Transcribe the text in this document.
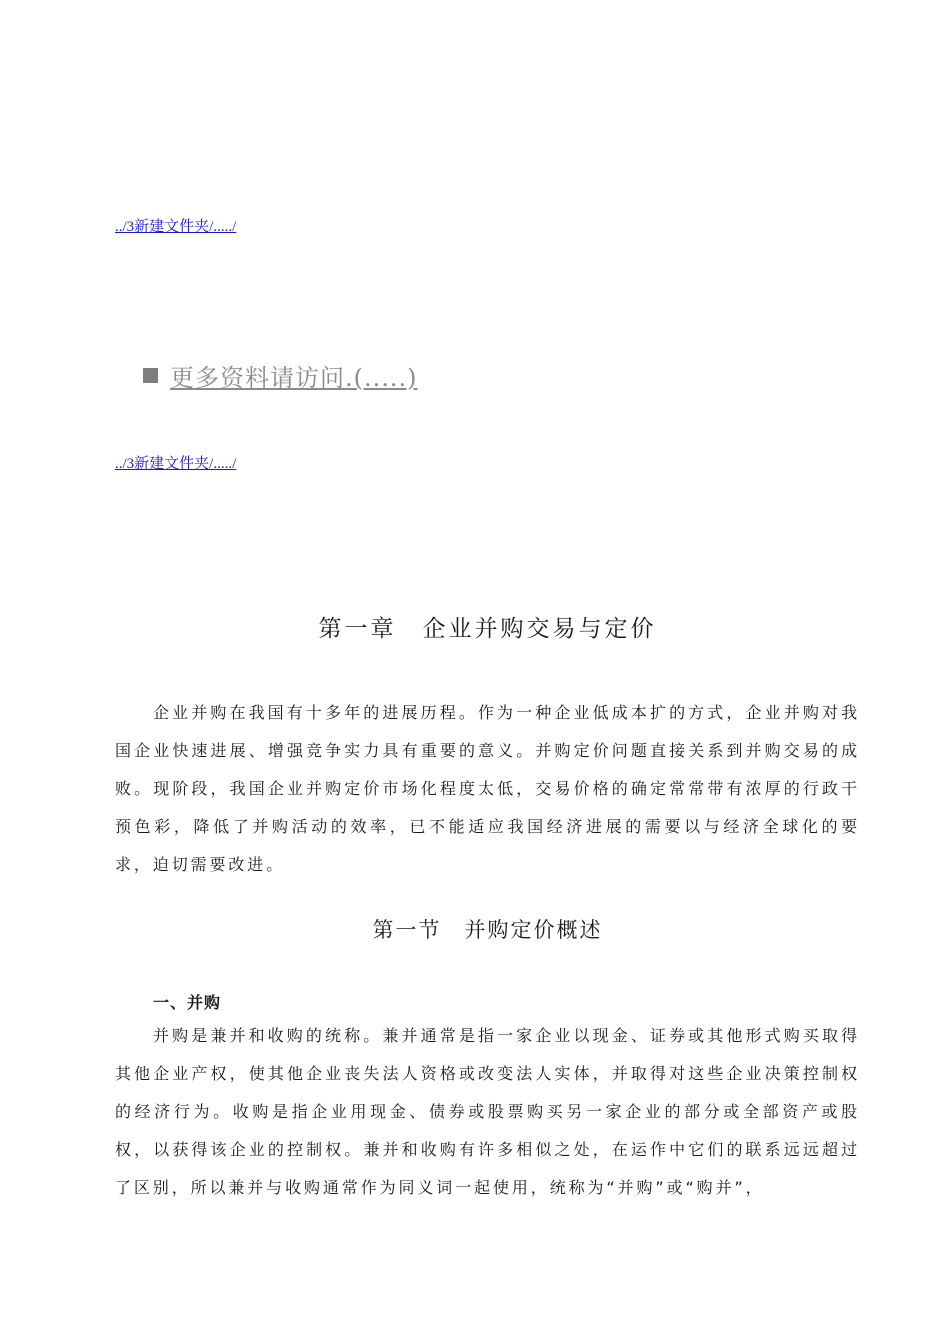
../3新建文件夹/...../
更多资料请访问.(.....)
../3新建文件夹/...../
第一章　企业并购交易与定价

企业并购在我国有十多年的进展历程。作为一种企业低成本扩的方式，企业并购对我国企业快速进展、增强竞争实力具有重要的意义。并购定价问题直接关系到并购交易的成败。现阶段，我国企业并购定价市场化程度太低，交易价格的确定常常带有浓厚的行政干预色彩，降低了并购活动的效率，已不能适应我国经济进展的需要以与经济全球化的要求，迫切需要改进。

第一节　并购定价概述
一、并购

并购是兼并和收购的统称。兼并通常是指一家企业以现金、证券或其他形式购买取得其他企业产权，使其他企业丧失法人资格或改变法人实体，并取得对这些企业决策控制权的经济行为。收购是指企业用现金、债券或股票购买另一家企业的部分或全部资产或股权，以获得该企业的控制权。兼并和收购有许多相似之处，在运作中它们的联系远远超过了区别，所以兼并与收购通常作为同义词一起使用，统称为“并购”或“购并”，
